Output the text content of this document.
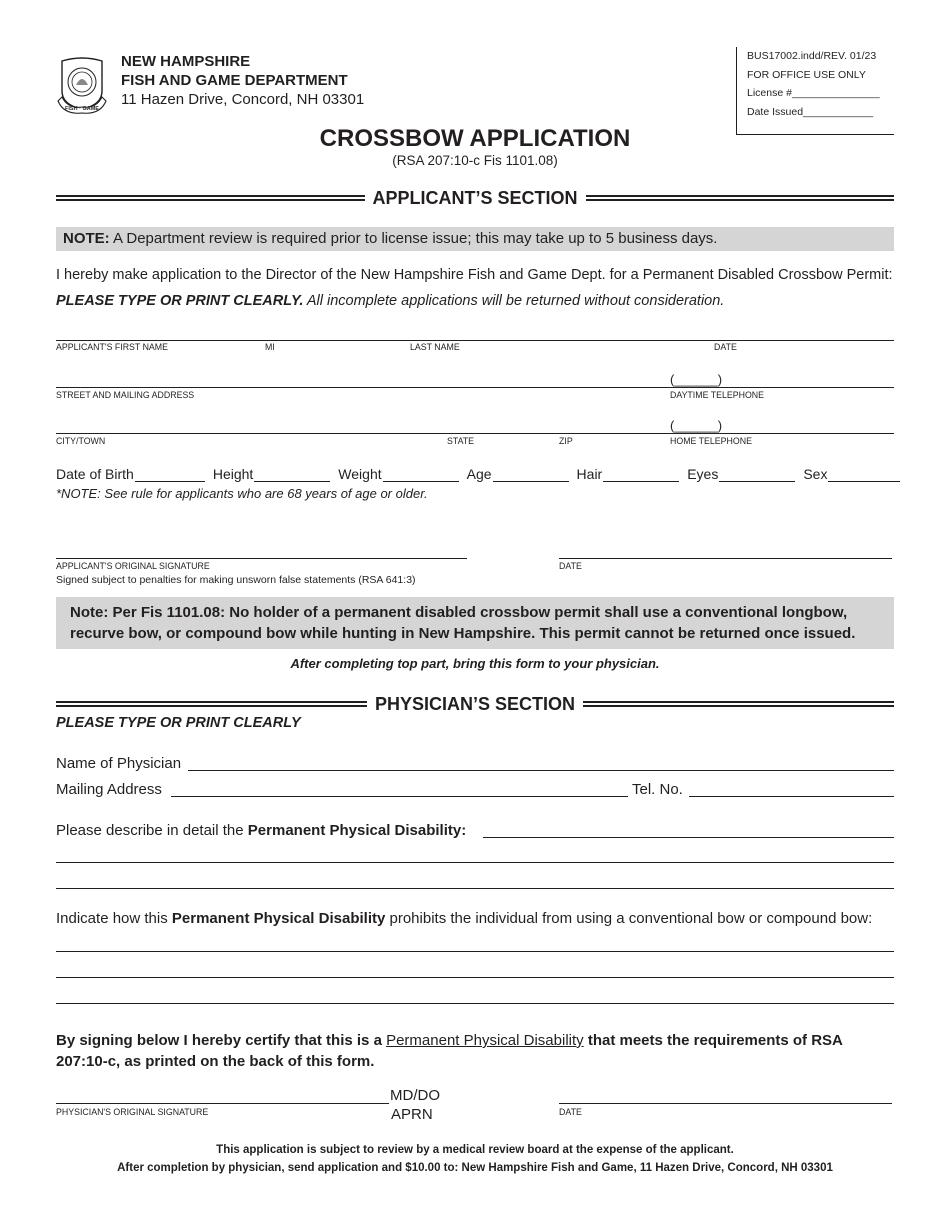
FISH · GAME
NEW HAMPSHIRE
FISH AND GAME DEPARTMENT
11 Hazen Drive, Concord, NH 03301
BUS17002.indd/REV. 01/23
FOR OFFICE USE ONLY
License #_______________
Date Issued____________
CROSSBOW APPLICATION
(RSA 207:10-c Fis 1101.08)
APPLICANT’S SECTION
NOTE: A Department review is required prior to license issue; this may take up to 5 business days.
I hereby make application to the Director of the New Hampshire Fish and Game Dept. for a Permanent Disabled Crossbow Permit:
PLEASE TYPE OR PRINT CLEARLY. All incomplete applications will be returned without consideration.
APPLICANT'S FIRST NAME	MI	LAST NAME	DATE
(______)
STREET AND MAILING ADDRESS	DAYTIME TELEPHONE
(______)
CITY/TOWN	STATE	ZIP	HOME TELEPHONE
Date of Birth	Height	Weight	Age	Hair	Eyes	Sex
*NOTE: See rule for applicants who are 68 years of age or older.
APPLICANT'S ORIGINAL SIGNATURE	DATE
Signed subject to penalties for making unsworn false statements (RSA 641:3)
Note: Per Fis 1101.08: No holder of a permanent disabled crossbow permit shall use a conventional longbow,
recurve bow, or compound bow while hunting in New Hampshire. This permit cannot be returned once issued.
After completing top part, bring this form to your physician.
PHYSICIAN’S SECTION
PLEASE TYPE OR PRINT CLEARLY
Name of Physician
Mailing Address	Tel. No.
Please describe in detail the Permanent Physical Disability:
Indicate how this Permanent Physical Disability prohibits the individual from using a conventional bow or compound bow:
By signing below I hereby certify that this is a Permanent Physical Disability that meets the requirements of RSA
207:10-c, as printed on the back of this form.
MD/DO
APRN
PHYSICIAN'S ORIGINAL SIGNATURE	DATE
This application is subject to review by a medical review board at the expense of the applicant.
After completion by physician, send application and $10.00 to: New Hampshire Fish and Game, 11 Hazen Drive, Concord, NH 03301
